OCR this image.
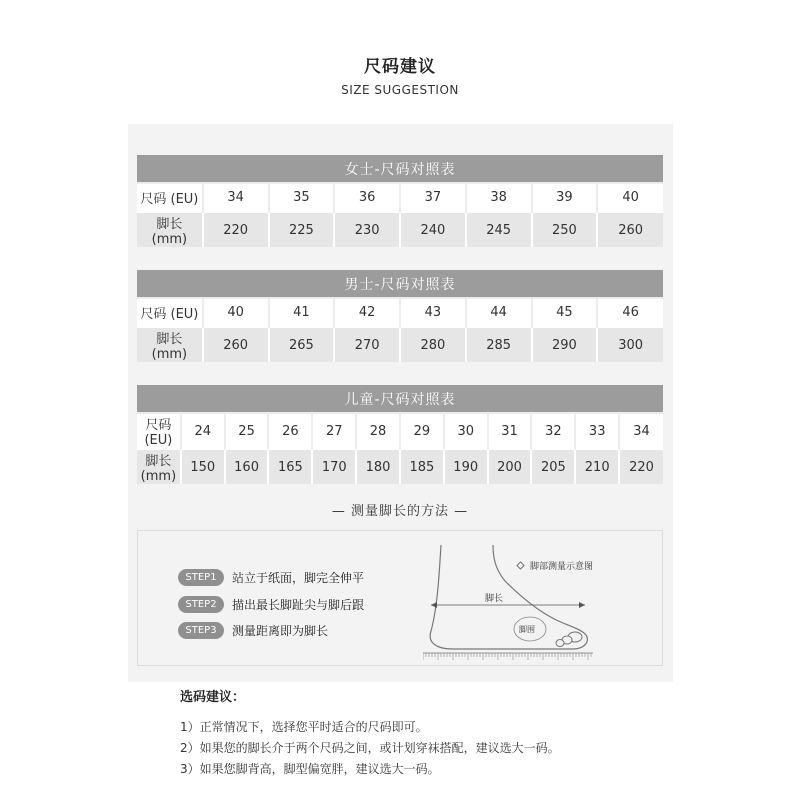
尺码建议
SIZE SUGGESTION
女士-尺码对照表							
尺码 (EU)	34	35	36	37	38	39	40
脚长 (mm)	220	225	230	240	245	250	260
男士-尺码对照表							
尺码 (EU)	40	41	42	43	44	45	46
脚长 (mm)	260	265	270	280	285	290	300
儿童-尺码对照表											
尺码 (EU)	24	25	26	27	28	29	30	31	32	33	34
脚长 (mm)	150	160	165	170	180	185	190	200	205	210	220
— 测量脚长的方法 —
STEP1	站立于纸面，脚完全伸平
STEP2	描出最长脚趾尖与脚后跟
STEP3	测量距离即为脚长
脚长
脚围
脚部测量示意图
选码建议：
1）正常情况下，选择您平时适合的尺码即可。
2）如果您的脚长介于两个尺码之间，或计划穿袜搭配，建议选大一码。
3）如果您脚背高，脚型偏宽胖，建议选大一码。
